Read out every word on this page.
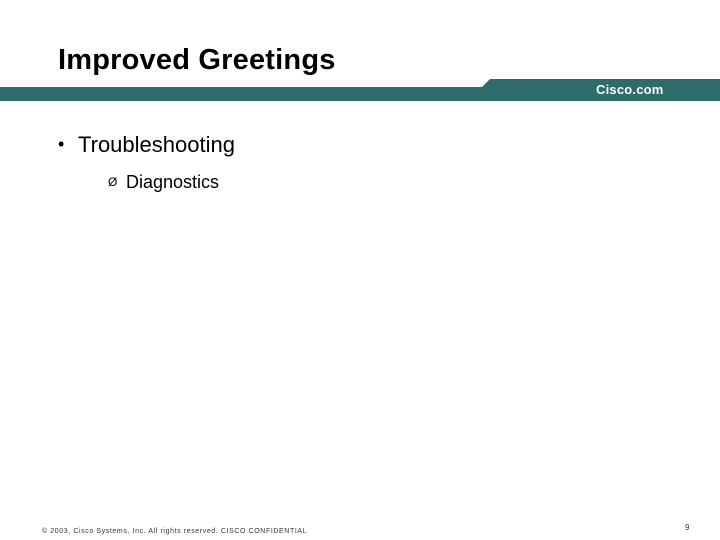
Improved Greetings
Cisco.com
• Troubleshooting
Ø Diagnostics
© 2003, Cisco Systems, Inc. All rights reserved. CISCO CONFIDENTIAL	9
